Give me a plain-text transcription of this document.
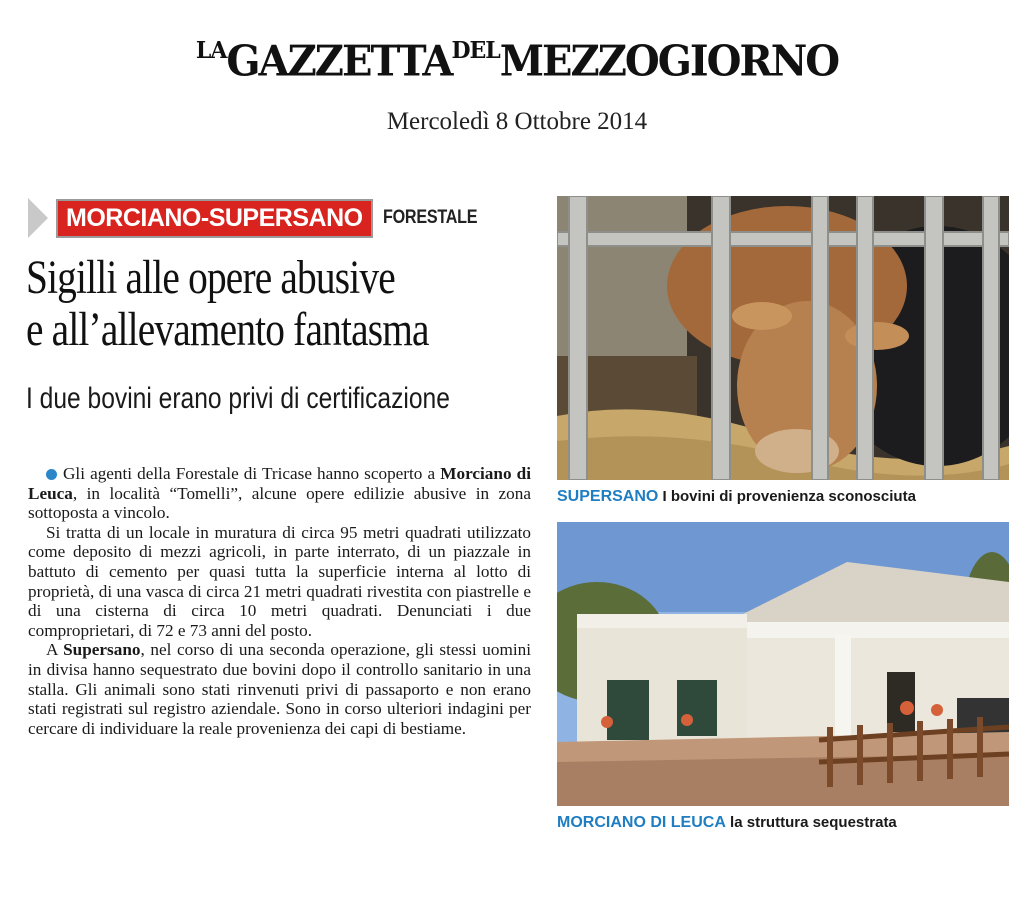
$^{LA}GAZZETTA^{DEL}MEZZOGIORNO$
Mercoledì 8 Ottobre 2014
MORCIANO-SUPERSANO	FORESTALE
Sigilli alle opere abusive
e all’allevamento fantasma
I due bovini erano privi di certificazione

Gli agenti della Forestale di Tricase hanno scoperto a Morciano di Leuca, in località “Tomelli”, alcune opere edilizie abusive in zona sottoposta a vincolo.

Si tratta di un locale in muratura di circa 95 metri quadrati utilizzato come deposito di mezzi agricoli, in parte interrato, di un piazzale in battuto di cemento per quasi tutta la superficie interna al lotto di proprietà, di una vasca di circa 21 metri quadrati rivestita con piastrelle e di una cisterna di circa 10 metri quadrati. Denunciati i due comproprietari, di 72 e 73 anni del posto.

A Supersano, nel corso di una seconda operazione, gli stessi uomini in divisa hanno sequestrato due bovini dopo il controllo sanitario in una stalla. Gli animali sono stati rinvenuti privi di passaporto e non erano stati registrati sul registro aziendale. Sono in corso ulteriori indagini per cercare di individuare la reale provenienza dei capi di bestiame.

SUPERSANO I bovini di provenienza sconosciuta
MORCIANO DI LEUCA la struttura sequestrata
